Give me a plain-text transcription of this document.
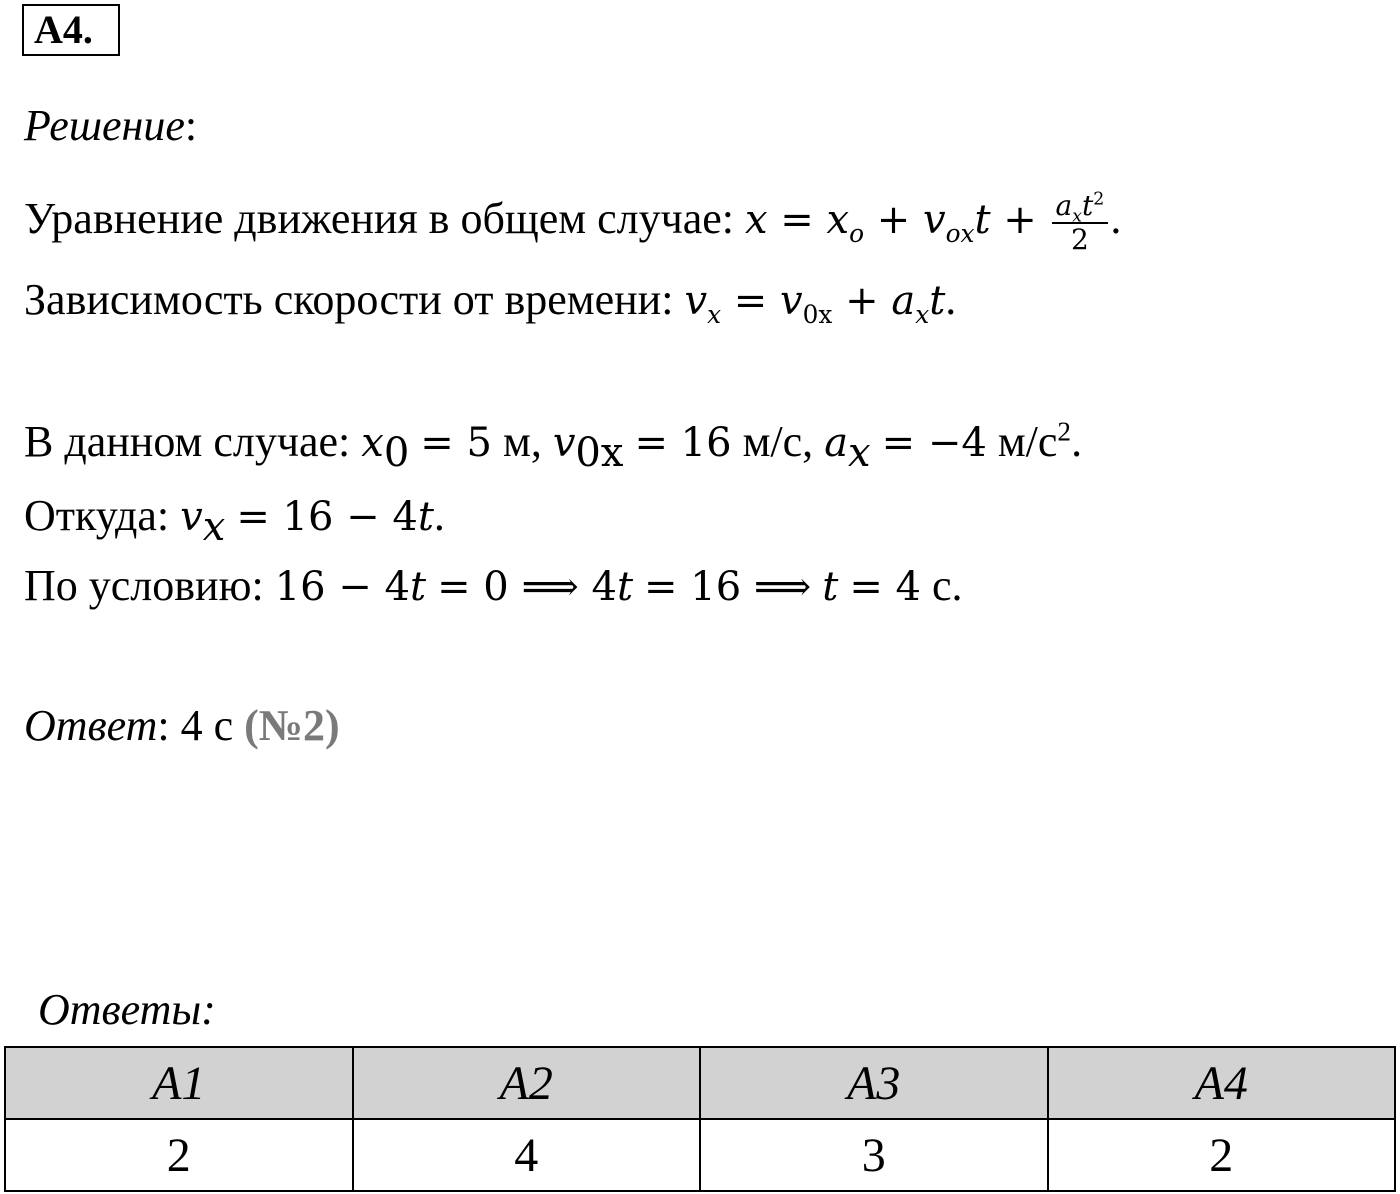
А4.
Решение:
Уравнение движения в общем случае: $x = x_o + v_{ox}t + \frac{a_xt^2}{2}$ .
Зависимость скорости от времени: $v_x = v_{0x} + a_xt$.
В данном случае: $x_0 = 5$ м, $v_{0x} = 16$ м/с, $a_x = -4$ $м/с^2$.
Откуда: $v_x = 16 - 4t$.
По условию: 16 − 4t = 0 ⟹ 4t = 16 ⟹ t = 4 с.
Ответ: 4 с (№2)
Ответы:
А1	А2	А3	А4
2	4	3	2
